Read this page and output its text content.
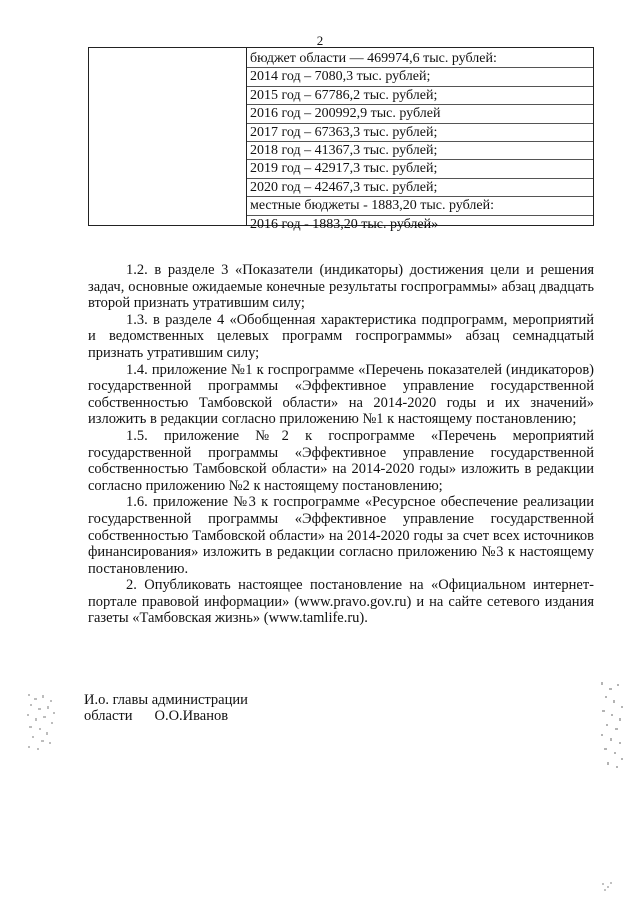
2
бюджет области — 469974,6 тыс. рублей:
2014 год – 7080,3 тыс. рублей;
2015 год – 67786,2 тыс. рублей;
2016 год – 200992,9 тыс. рублей
2017 год – 67363,3 тыс. рублей;
2018 год – 41367,3 тыс. рублей;
2019 год – 42917,3 тыс. рублей;
2020 год – 42467,3 тыс. рублей;
местные бюджеты - 1883,20 тыс. рублей:
2016 год - 1883,20 тыс. рублей»

1.2. в разделе 3 «Показатели (индикаторы) достижения цели и решения задач, основные ожидаемые конечные результаты госпрограммы» абзац двадцать второй признать утратившим силу;

1.3. в разделе 4 «Обобщенная характеристика подпрограмм, мероприятий и ведомственных целевых программ госпрограммы» абзац семнадцатый признать утратившим силу;

1.4. приложение №1 к госпрограмме «Перечень показателей (индикаторов) государственной программы «Эффективное управление государственной собственностью Тамбовской области» на 2014-2020 годы и их значений» изложить в редакции согласно приложению №1 к настоящему постановлению;

1.5. приложение №2 к госпрограмме «Перечень мероприятий государственной программы «Эффективное управление государственной собственностью Тамбовской области» на 2014-2020 годы» изложить в редакции согласно приложению №2 к настоящему постановлению;

1.6. приложение №3 к госпрограмме «Ресурсное обеспечение реализации государственной программы «Эффективное управление государственной собственностью Тамбовской области» на 2014-2020 годы за счет всех источников финансирования» изложить в редакции согласно приложению №3 к настоящему постановлению.

2. Опубликовать настоящее постановление на «Официальном интернет-портале правовой информации» (www.pravo.gov.ru) и на сайте сетевого издания газеты «Тамбовская жизнь» (www.tamlife.ru).

И.о. главы администрации
области О.О.Иванов
